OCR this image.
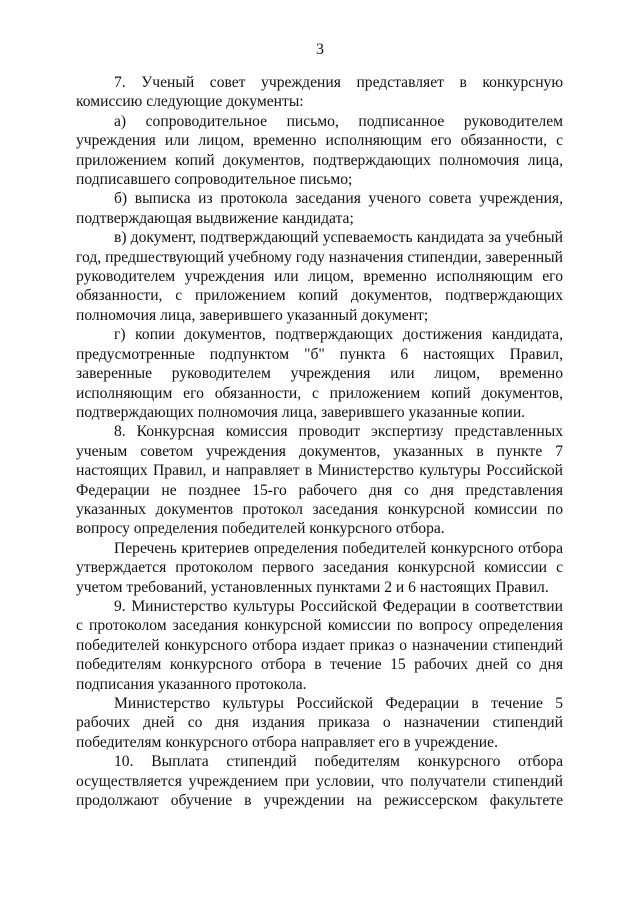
3

7. Ученый совет учреждения представляет в конкурсную комиссию следующие документы:

а) сопроводительное письмо, подписанное руководителем учреждения или лицом, временно исполняющим его обязанности, с приложением копий документов, подтверждающих полномочия лица, подписавшего сопроводительное письмо;

б) выписка из протокола заседания ученого совета учреждения, подтверждающая выдвижение кандидата;

в) документ, подтверждающий успеваемость кандидата за учебный год, предшествующий учебному году назначения стипендии, заверенный руководителем учреждения или лицом, временно исполняющим его обязанности, с приложением копий документов, подтверждающих полномочия лица, заверившего указанный документ;

г) копии документов, подтверждающих достижения кандидата, предусмотренные подпунктом "б" пункта 6 настоящих Правил, заверенные руководителем учреждения или лицом, временно исполняющим его обязанности, с приложением копий документов, подтверждающих полномочия лица, заверившего указанные копии.

8. Конкурсная комиссия проводит экспертизу представленных ученым советом учреждения документов, указанных в пункте 7 настоящих Правил, и направляет в Министерство культуры Российской Федерации не позднее 15-го рабочего дня со дня представления указанных документов протокол заседания конкурсной комиссии по вопросу определения победителей конкурсного отбора.

Перечень критериев определения победителей конкурсного отбора утверждается протоколом первого заседания конкурсной комиссии с учетом требований, установленных пунктами 2 и 6 настоящих Правил.

9. Министерство культуры Российской Федерации в соответствии с протоколом заседания конкурсной комиссии по вопросу определения победителей конкурсного отбора издает приказ о назначении стипендий победителям конкурсного отбора в течение 15 рабочих дней со дня подписания указанного протокола.

Министерство культуры Российской Федерации в течение 5 рабочих дней со дня издания приказа о назначении стипендий победителям конкурсного отбора направляет его в учреждение.

10. Выплата стипендий победителям конкурсного отбора осуществляется учреждением при условии, что получатели стипендий продолжают обучение в учреждении на режиссерском факультете
